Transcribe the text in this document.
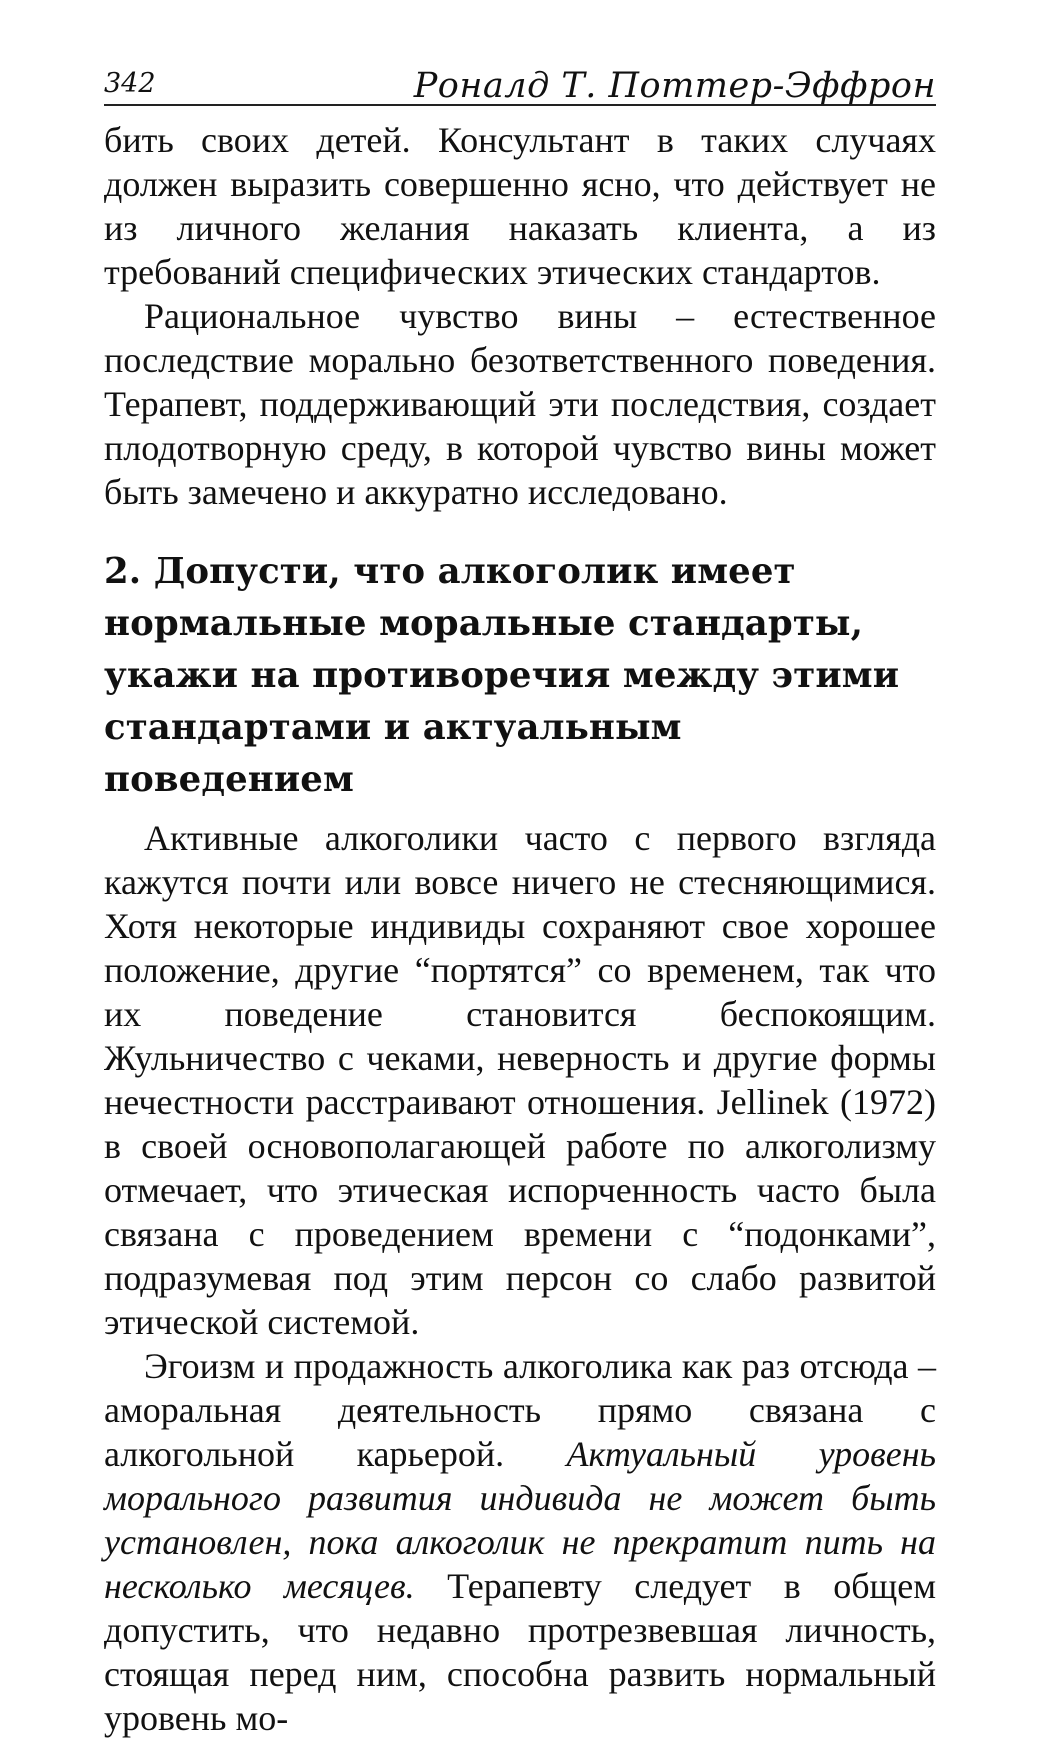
342	Роналд Т. Поттер-Эффрон

бить своих детей. Консультант в таких случаях должен выразить совершенно ясно, что действует не из личного желания наказать клиента, а из требований специфических этических стандартов.

Рациональное чувство вины – естественное последствие морально безответственного поведения. Терапевт, поддерживающий эти последствия, создает плодотворную среду, в которой чувство вины может быть замечено и аккуратно исследовано.

2. Допусти, что алкоголик имеет нормальные моральные стандарты, укажи на противоречия между этими стандартами и актуальным поведением

Активные алкоголики часто с первого взгляда кажутся почти или вовсе ничего не стесняющимися. Хотя некоторые индивиды сохраняют свое хорошее положение, другие “портятся” со временем, так что их поведение становится беспокоящим. Жульничество с чеками, неверность и другие формы нечестности расстраивают отношения. Jellinek (1972) в своей основополагающей работе по алкоголизму отмечает, что этическая испорченность часто была связана с проведением времени с “подонками”, подразумевая под этим персон со слабо развитой этической системой.

Эгоизм и продажность алкоголика как раз отсюда – аморальная деятельность прямо связана с алкогольной карьерой. Актуальный уровень морального развития индивида не может быть установлен, пока алкоголик не прекратит пить на несколько месяцев. Терапевту следует в общем допустить, что недавно протрезвевшая личность, стоящая перед ним, способна развить нормальный уровень мо-
